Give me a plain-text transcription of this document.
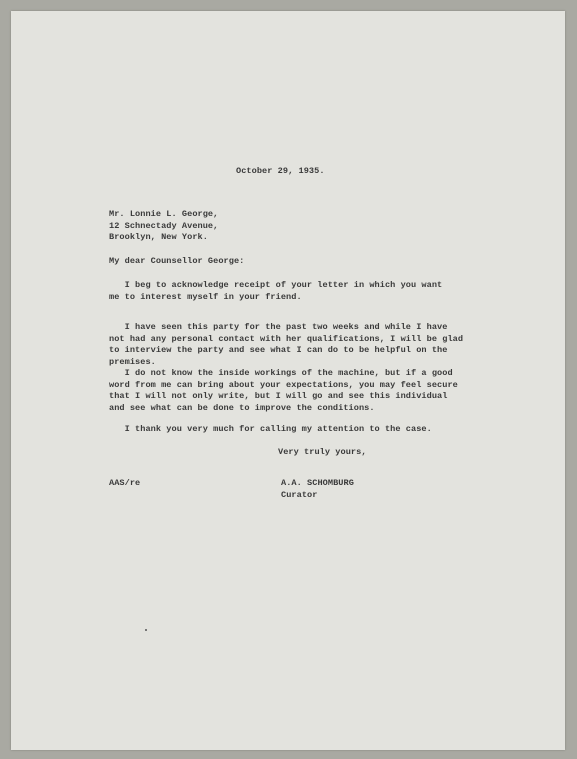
October 29, 1935.
Mr. Lonnie L. George,
12 Schnectady Avenue,
Brooklyn, New York.
My dear Counsellor George:
I beg to acknowledge receipt of your letter in which you want
me to interest myself in your friend.
I have seen this party for the past two weeks and while I have
not had any personal contact with her qualifications, I will be glad
to interview the party and see what I can do to be helpful on the
premises.
I do not know the inside workings of the machine, but if a good
word from me can bring about your expectations, you may feel secure
that I will not only write, but I will go and see this individual
and see what can be done to improve the conditions.
I thank you very much for calling my attention to the case.
Very truly yours,
AAS/re	A.A. SCHOMBURG
Curator
